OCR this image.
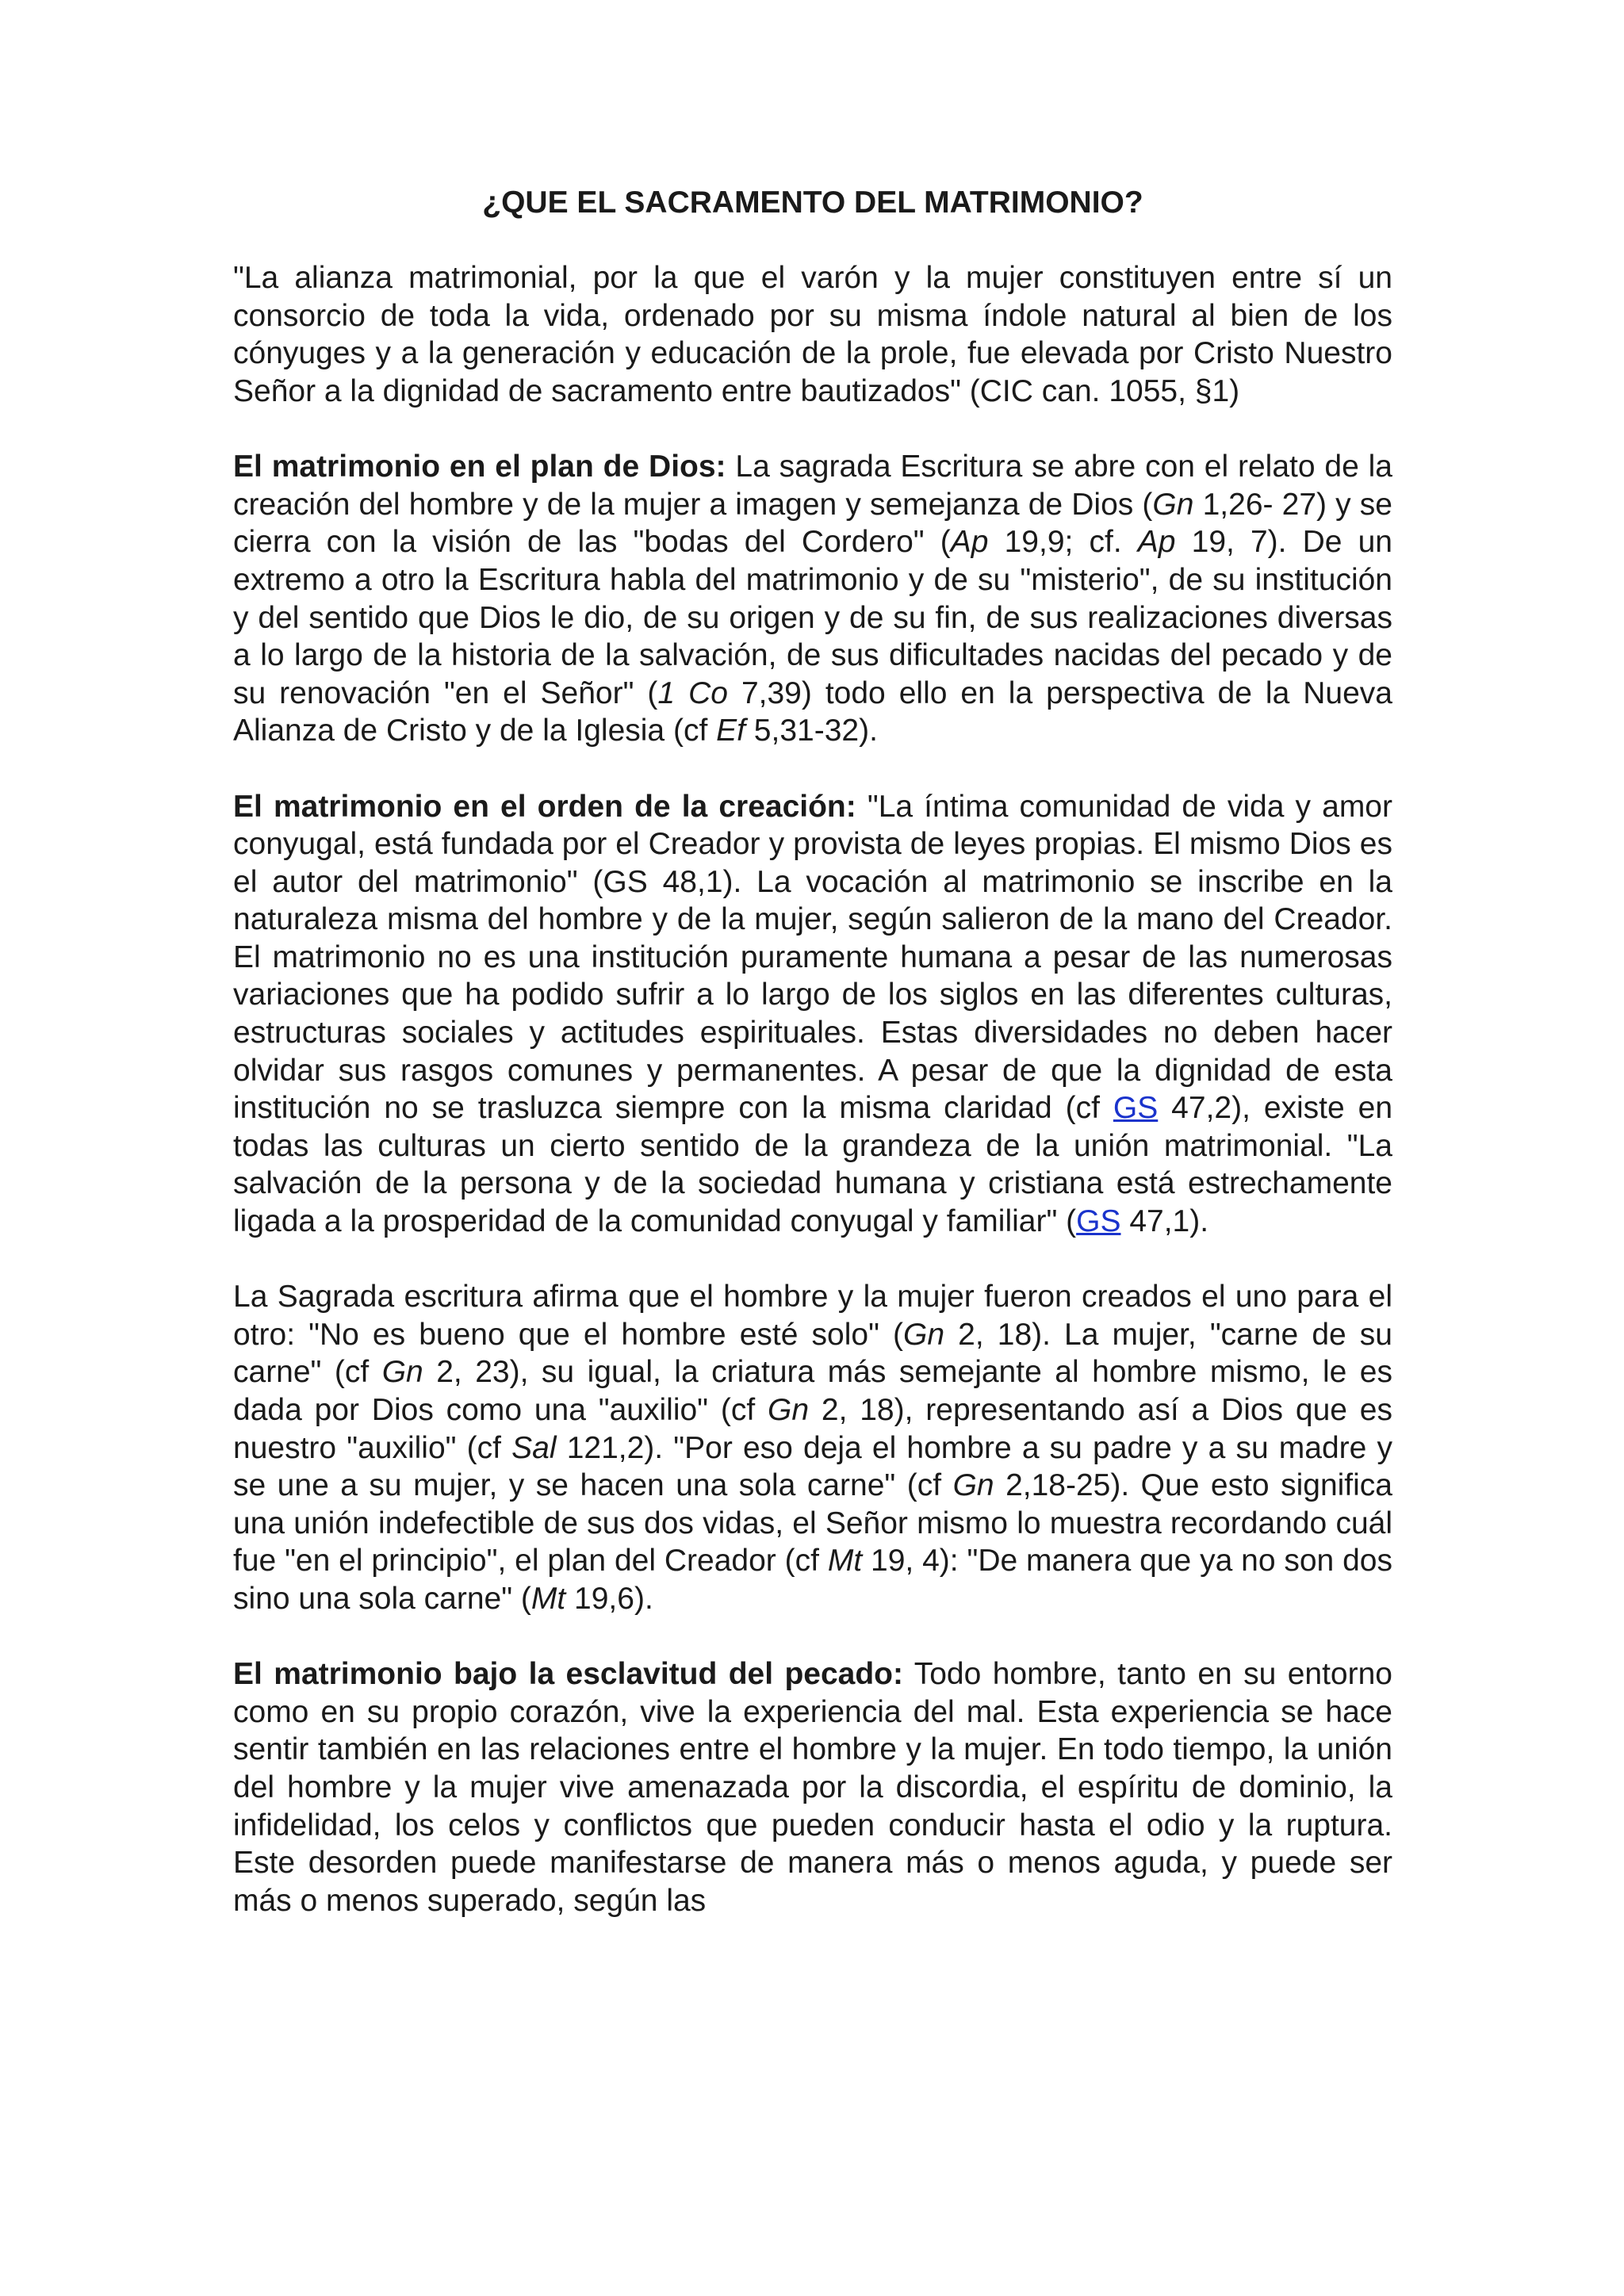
¿QUE EL SACRAMENTO DEL MATRIMONIO?

"La alianza matrimonial, por la que el varón y la mujer constituyen entre sí un consorcio de toda la vida, ordenado por su misma índole natural al bien de los cónyuges y a la generación y educación de la prole, fue elevada por Cristo Nuestro Señor a la dignidad de sacramento entre bautizados" (CIC can. 1055, §1)

El matrimonio en el plan de Dios: La sagrada Escritura se abre con el relato de la creación del hombre y de la mujer a imagen y semejanza de Dios (Gn 1,26- 27) y se cierra con la visión de las "bodas del Cordero" (Ap 19,9; cf. Ap 19, 7). De un extremo a otro la Escritura habla del matrimonio y de su "misterio", de su institución y del sentido que Dios le dio, de su origen y de su fin, de sus realizaciones diversas a lo largo de la historia de la salvación, de sus dificultades nacidas del pecado y de su renovación "en el Señor" (1 Co 7,39) todo ello en la perspectiva de la Nueva Alianza de Cristo y de la Iglesia (cf Ef 5,31-32).

El matrimonio en el orden de la creación: "La íntima comunidad de vida y amor conyugal, está fundada por el Creador y provista de leyes propias. El mismo Dios es el autor del matrimonio" (GS 48,1). La vocación al matrimonio se inscribe en la naturaleza misma del hombre y de la mujer, según salieron de la mano del Creador. El matrimonio no es una institución puramente humana a pesar de las numerosas variaciones que ha podido sufrir a lo largo de los siglos en las diferentes culturas, estructuras sociales y actitudes espirituales. Estas diversidades no deben hacer olvidar sus rasgos comunes y permanentes. A pesar de que la dignidad de esta institución no se trasluzca siempre con la misma claridad (cf GS 47,2), existe en todas las culturas un cierto sentido de la grandeza de la unión matrimonial. "La salvación de la persona y de la sociedad humana y cristiana está estrechamente ligada a la prosperidad de la comunidad conyugal y familiar" (GS 47,1).

La Sagrada escritura afirma que el hombre y la mujer fueron creados el uno para el otro: "No es bueno que el hombre esté solo" (Gn 2, 18). La mujer, "carne de su carne" (cf Gn 2, 23), su igual, la criatura más semejante al hombre mismo, le es dada por Dios como una "auxilio" (cf Gn 2, 18), representando así a Dios que es nuestro "auxilio" (cf Sal 121,2). "Por eso deja el hombre a su padre y a su madre y se une a su mujer, y se hacen una sola carne" (cf Gn 2,18-25). Que esto significa una unión indefectible de sus dos vidas, el Señor mismo lo muestra recordando cuál fue "en el principio", el plan del Creador (cf Mt 19, 4): "De manera que ya no son dos sino una sola carne" (Mt 19,6).

El matrimonio bajo la esclavitud del pecado: Todo hombre, tanto en su entorno como en su propio corazón, vive la experiencia del mal. Esta experiencia se hace sentir también en las relaciones entre el hombre y la mujer. En todo tiempo, la unión del hombre y la mujer vive amenazada por la discordia, el espíritu de dominio, la infidelidad, los celos y conflictos que pueden conducir hasta el odio y la ruptura. Este desorden puede manifestarse de manera más o menos aguda, y puede ser más o menos superado, según las
